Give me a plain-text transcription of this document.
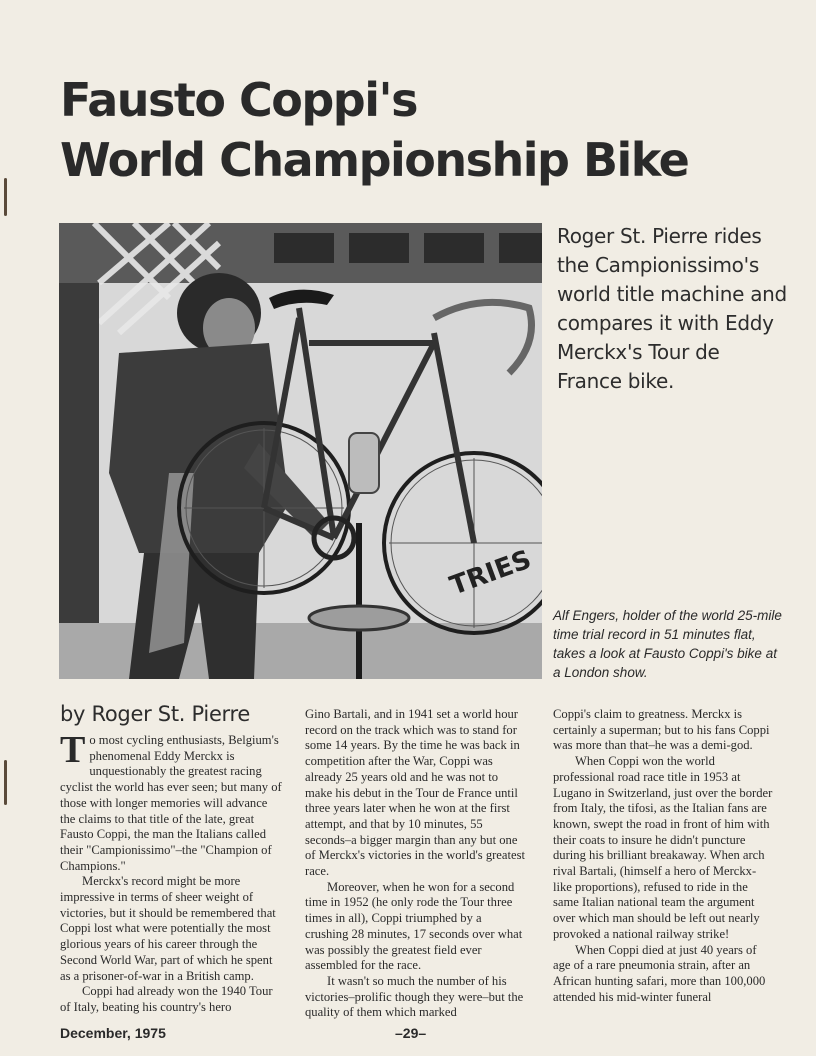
Fausto Coppi's
World Championship Bike
TRIES
Roger St. Pierre rides the Campionissimo's world title machine and compares it with Eddy Merckx's Tour de France bike.
Alf Engers, holder of the world 25-mile time trial record in 51 minutes flat, takes a look at Fausto Coppi's bike at a London show.
by Roger St. Pierre

To most cycling enthusiasts, Belgium's phenomenal Eddy Merckx is unquestionably the greatest racing cyclist the world has ever seen; but many of those with longer memories will advance the claims to that title of the late, great Fausto Coppi, the man the Italians called their "Campionissimo"–the "Champion of Champions."

Merckx's record might be more impressive in terms of sheer weight of victories, but it should be remembered that Coppi lost what were potentially the most glorious years of his career through the Second World War, part of which he spent as a prisoner-of-war in a British camp.

Coppi had already won the 1940 Tour of Italy, beating his country's hero

Gino Bartali, and in 1941 set a world hour record on the track which was to stand for some 14 years. By the time he was back in competition after the War, Coppi was already 25 years old and he was not to make his debut in the Tour de France until three years later when he won at the first attempt, and that by 10 minutes, 55 seconds–a bigger margin than any but one of Merckx's victories in the world's greatest race.

Moreover, when he won for a second time in 1952 (he only rode the Tour three times in all), Coppi triumphed by a crushing 28 minutes, 17 seconds over what was possibly the greatest field ever assembled for the race.

It wasn't so much the number of his victories–prolific though they were–but the quality of them which marked

Coppi's claim to greatness. Merckx is certainly a superman; but to his fans Coppi was more than that–he was a demi-god.

When Coppi won the world professional road race title in 1953 at Lugano in Switzerland, just over the border from Italy, the tifosi, as the Italian fans are known, swept the road in front of him with their coats to insure he didn't puncture during his brilliant breakaway. When arch rival Bartali, (himself a hero of Merckx-like proportions), refused to ride in the same Italian national team the argument over which man should be left out nearly provoked a national railway strike!

When Coppi died at just 40 years of age of a rare pneumonia strain, after an African hunting safari, more than 100,000 attended his mid-winter funeral

December, 1975	–29–
